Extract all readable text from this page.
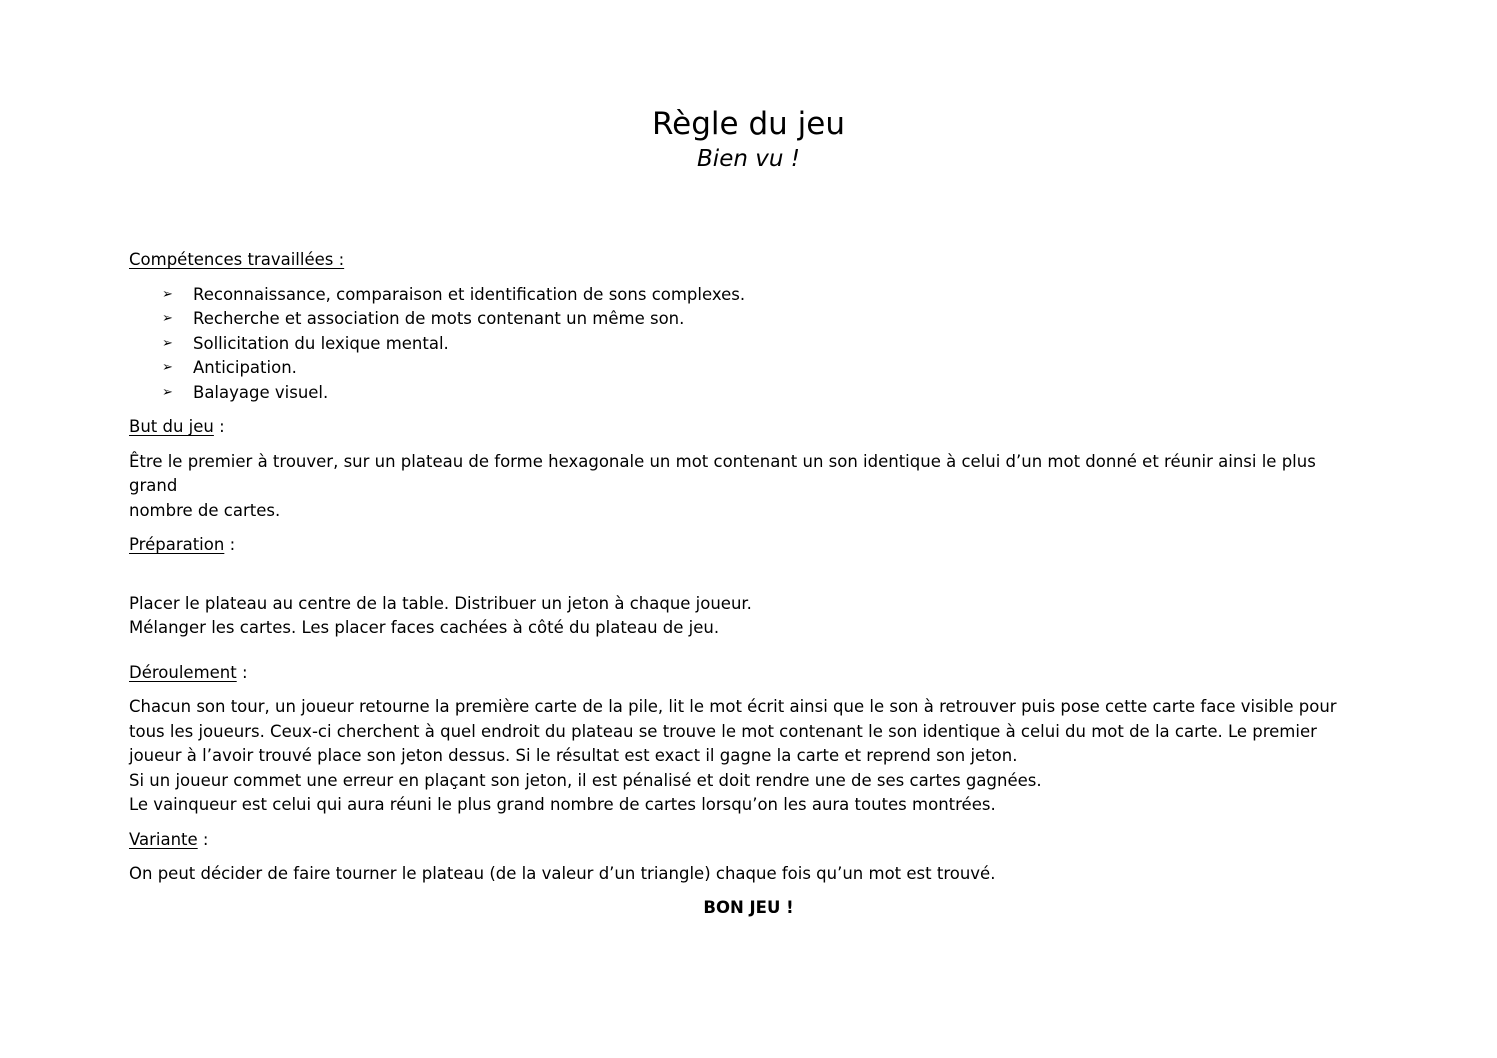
Règle du jeu
Bien vu !
Compétences travaillées :
➢ Reconnaissance, comparaison et identification de sons complexes.
➢ Recherche et association de mots contenant un même son.
➢ Sollicitation du lexique mental.
➢ Anticipation.
➢ Balayage visuel.
But du jeu :
Être le premier à trouver, sur un plateau de forme hexagonale un mot contenant un son identique à celui d’un mot donné et réunir ainsi le plus grand
nombre de cartes.
Préparation :
Placer le plateau au centre de la table. Distribuer un jeton à chaque joueur.
Mélanger les cartes. Les placer faces cachées à côté du plateau de jeu.
Déroulement :
Chacun son tour, un joueur retourne la première carte de la pile, lit le mot écrit ainsi que le son à retrouver puis pose cette carte face visible pour
tous les joueurs. Ceux-ci cherchent à quel endroit du plateau se trouve le mot contenant le son identique à celui du mot de la carte. Le premier
joueur à l’avoir trouvé place son jeton dessus. Si le résultat est exact il gagne la carte et reprend son jeton.
Si un joueur commet une erreur en plaçant son jeton, il est pénalisé et doit rendre une de ses cartes gagnées.
Le vainqueur est celui qui aura réuni le plus grand nombre de cartes lorsqu’on les aura toutes montrées.
Variante :
On peut décider de faire tourner le plateau (de la valeur d’un triangle) chaque fois qu’un mot est trouvé.
BON JEU !
